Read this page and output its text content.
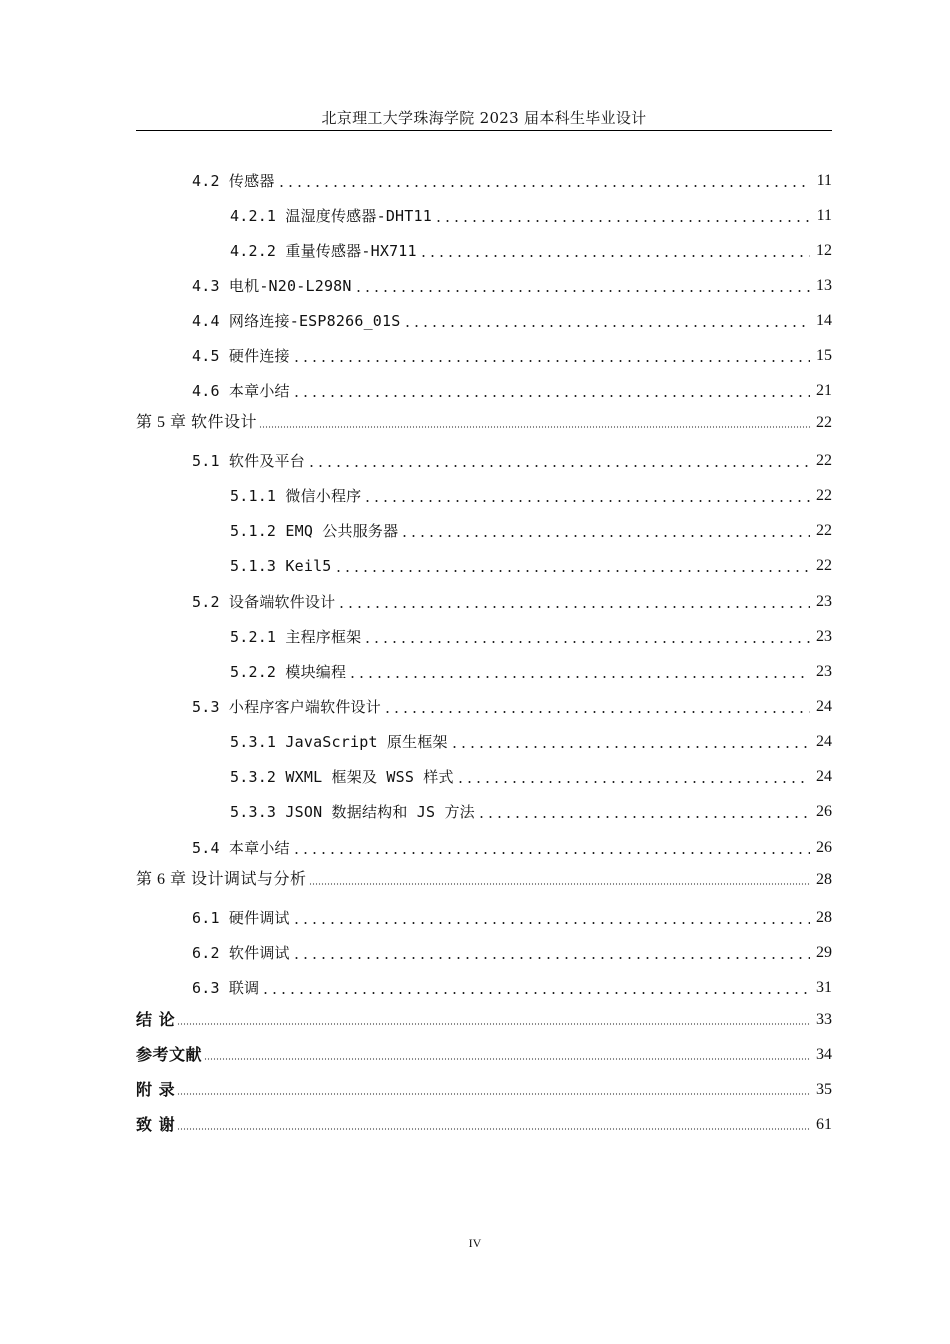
北京理工大学珠海学院 2023 届本科生毕业设计
4.2 传感器	11
4.2.1 温湿度传感器-DHT11	11
4.2.2 重量传感器-HX711	12
4.3 电机-N20-L298N	13
4.4 网络连接-ESP8266_01S	14
4.5 硬件连接	15
4.6 本章小结	21
第 5 章 软件设计	22
5.1 软件及平台	22
5.1.1 微信小程序	22
5.1.2 EMQ 公共服务器	22
5.1.3 Keil5	22
5.2 设备端软件设计	23
5.2.1 主程序框架	23
5.2.2 模块编程	23
5.3 小程序客户端软件设计	24
5.3.1 JavaScript 原生框架	24
5.3.2 WXML 框架及 WSS 样式	24
5.3.3 JSON 数据结构和 JS 方法	26
5.4 本章小结	26
第 6 章 设计调试与分析	28
6.1 硬件调试	28
6.2 软件调试	29
6.3 联调	31
结 论	33
参考文献	34
附 录	35
致 谢	61
IV
